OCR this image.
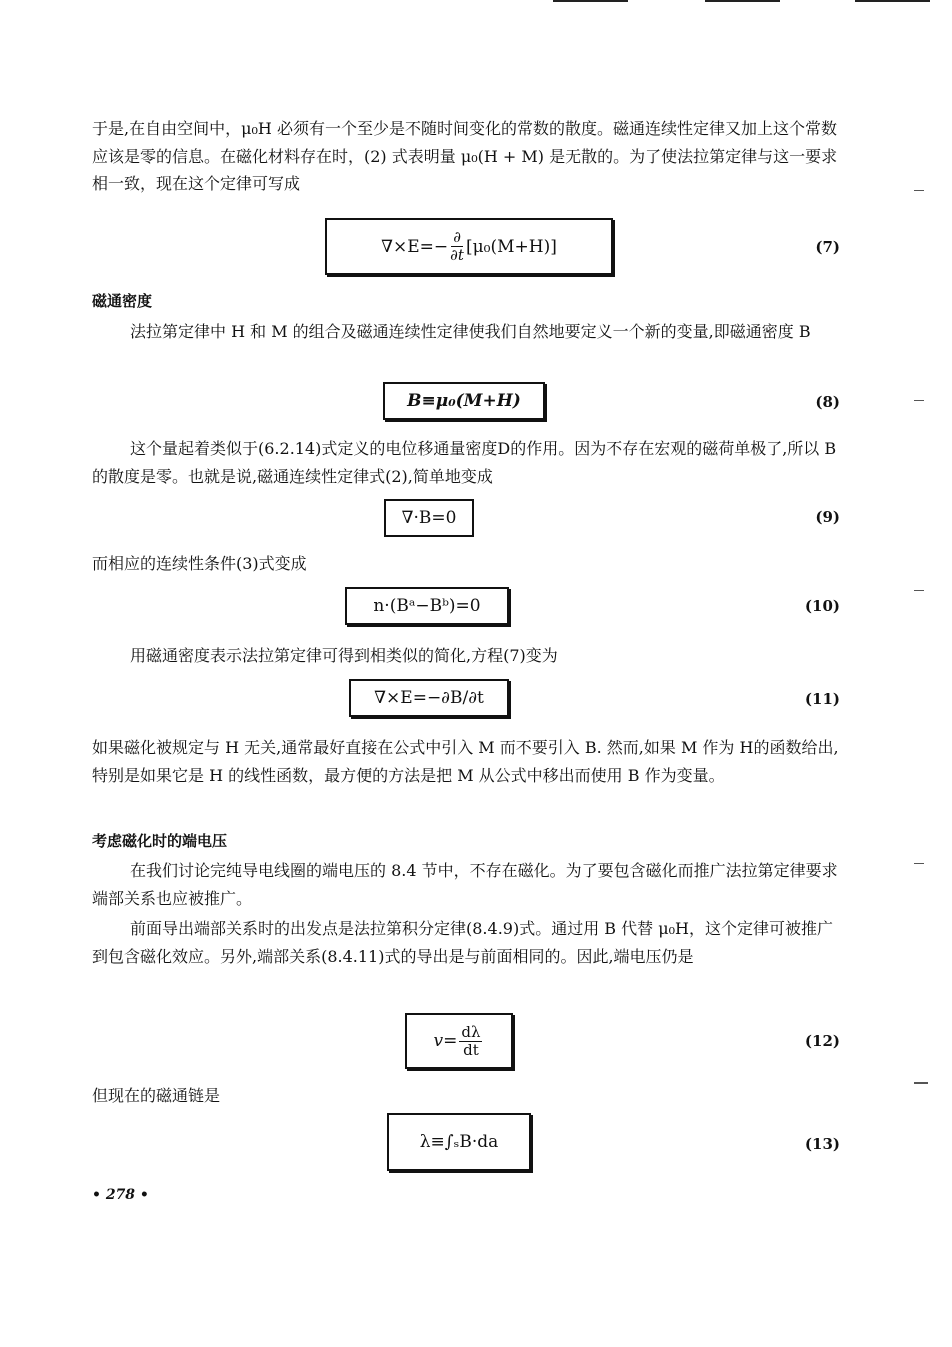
于是,在自由空间中，μ₀H 必须有一个至少是不随时间变化的常数的散度。磁通连续性定律又加上这个常数应该是零的信息。在磁化材料存在时，(2) 式表明量 μ₀(H + M) 是无散的。为了使法拉第定律与这一要求相一致，现在这个定律可写成

$\nabla\times E=- \frac{\partial}{\partial t} [\mu_0(M+H)]$	(7)

磁通密度

法拉第定律中 H 和 M 的组合及磁通连续性定律使我们自然地要定义一个新的变量,即磁通密度 B

B≡μ₀(M+H)	(8)

这个量起着类似于(6.2.14)式定义的电位移通量密度D的作用。因为不存在宏观的磁荷单极了,所以 B 的散度是零。也就是说,磁通连续性定律式(2),简单地变成

∇·B=0	(9)

而相应的连续性条件(3)式变成

n·(Bᵃ−Bᵇ)=0	(10)

用磁通密度表示法拉第定律可得到相类似的简化,方程(7)变为

∇×E=−∂B/∂t	(11)

如果磁化被规定与 H 无关,通常最好直接在公式中引入 M 而不要引入 B. 然而,如果 M 作为 H的函数给出,特别是如果它是 H 的线性函数，最方便的方法是把 M 从公式中移出而使用 B 作为变量。

考虑磁化时的端电压

在我们讨论完纯导电线圈的端电压的 8.4 节中，不存在磁化。为了要包含磁化而推广法拉第定律要求端部关系也应被推广。

前面导出端部关系时的出发点是法拉第积分定律(8.4.9)式。通过用 B 代替 μ₀H，这个定律可被推广到包含磁化效应。另外,端部关系(8.4.11)式的导出是与前面相同的。因此,端电压仍是

$v= \frac{d\lambda}{dt}$	(12)

但现在的磁通链是

λ≡∫ₛB·da	(13)
• 278 •
